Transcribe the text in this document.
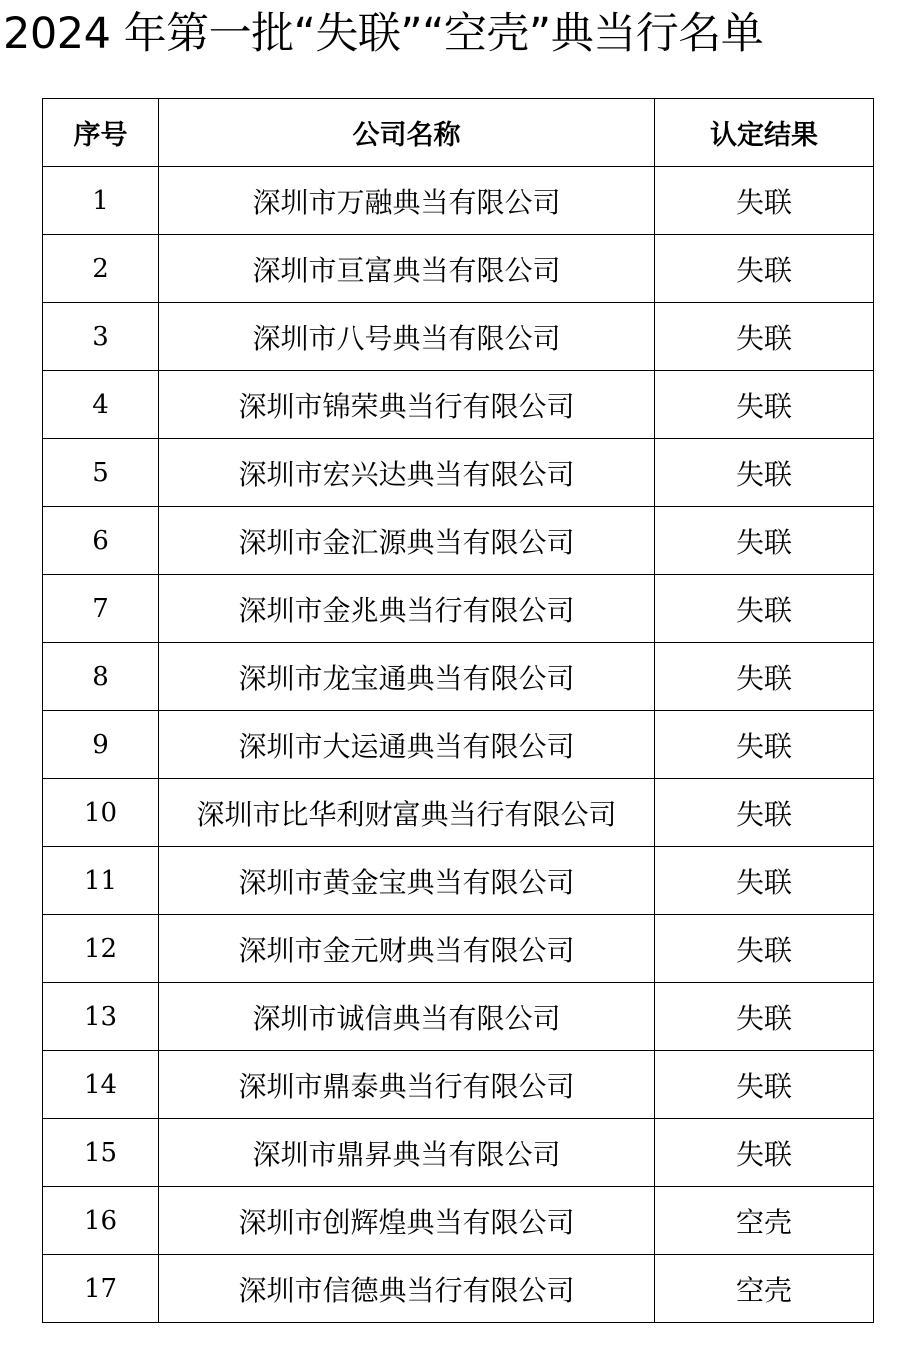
2024 年第一批“失联”“空壳”典当行名单
序号	公司名称	认定结果
1	深圳市万融典当有限公司	失联
2	深圳市亘富典当有限公司	失联
3	深圳市八号典当有限公司	失联
4	深圳市锦荣典当行有限公司	失联
5	深圳市宏兴达典当有限公司	失联
6	深圳市金汇源典当有限公司	失联
7	深圳市金兆典当行有限公司	失联
8	深圳市龙宝通典当有限公司	失联
9	深圳市大运通典当有限公司	失联
10	深圳市比华利财富典当行有限公司	失联
11	深圳市黄金宝典当有限公司	失联
12	深圳市金元财典当有限公司	失联
13	深圳市诚信典当有限公司	失联
14	深圳市鼎泰典当行有限公司	失联
15	深圳市鼎昇典当有限公司	失联
16	深圳市创辉煌典当有限公司	空壳
17	深圳市信德典当行有限公司	空壳
